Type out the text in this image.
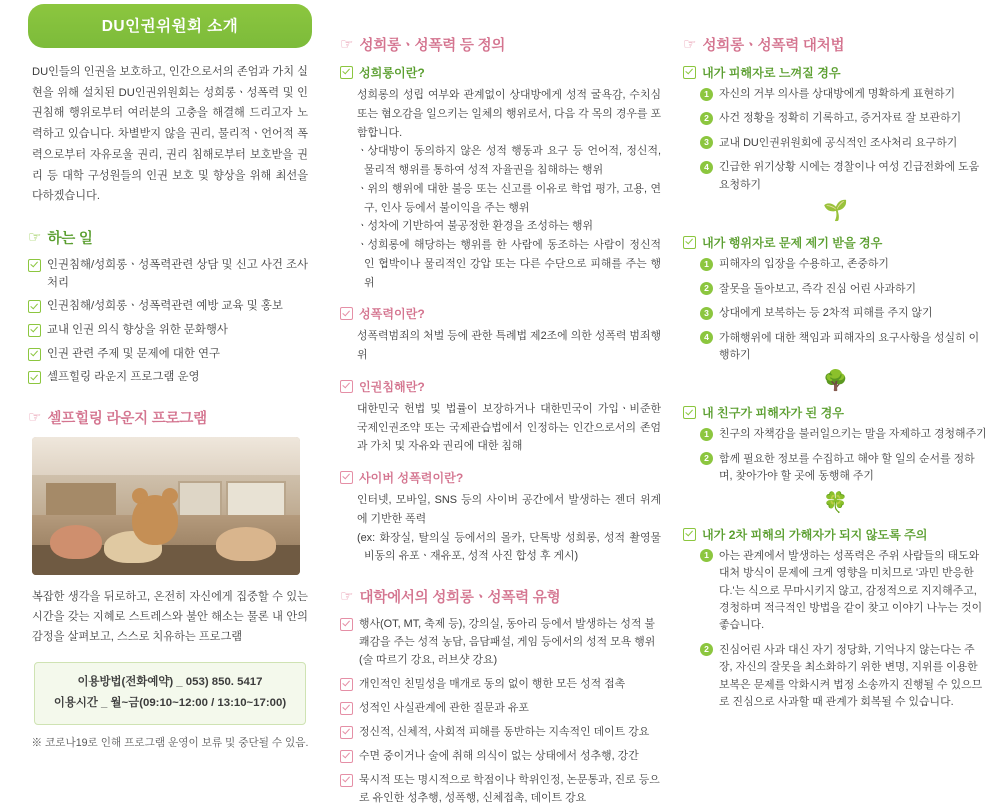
DU인권위원회 소개
DU인들의 인권을 보호하고, 인간으로서의 존엄과 가치 실현을 위해 설치된 DU인권위원회는 성희롱ㆍ성폭력 및 인권침해 행위로부터 여러분의 고충을 해결해 드리고자 노력하고 있습니다. 차별받지 않을 권리, 물리적ㆍ언어적 폭력으로부터 자유로울 권리, 권리 침해로부터 보호받을 권리 등 대학 구성원들의 인권 보호 및 향상을 위해 최선을 다하겠습니다.
☞ 하는 일
인권침해/성희롱ㆍ성폭력관련 상담 및 신고 사건 조사처리
인권침해/성희롱ㆍ성폭력관련 예방 교육 및 홍보
교내 인권 의식 향상을 위한 문화행사
인권 관련 주제 및 문제에 대한 연구
셀프힐링 라운지 프로그램 운영
☞ 셀프힐링 라운지 프로그램
복잡한 생각을 뒤로하고, 온전히 자신에게 집중할 수 있는 시간을 갖는 지혜로 스트레스와 불안 해소는 물론 내 안의 감정을 살펴보고, 스스로 치유하는 프로그램
이용방법(전화예약) _ 053) 850. 5417
이용시간 _ 월~금(09:10~12:00 / 13:10~17:00)
※ 코로나19로 인해 프로그램 운영이 보류 및 중단될 수 있음.
☞ 성희롱ㆍ성폭력 등 정의
성희롱이란?
성희롱의 성립 여부와 관계없이 상대방에게 성적 굴욕감, 수치심 또는 혐오감을 일으키는 일체의 행위로서, 다음 각 목의 경우를 포함합니다.
ㆍ상대방이 동의하지 않은 성적 행동과 요구 등 언어적, 정신적, 물리적 행위를 통하여 성적 자율권을 침해하는 행위
ㆍ위의 행위에 대한 불응 또는 신고를 이유로 학업 평가, 고용, 연구, 인사 등에서 불이익을 주는 행위
ㆍ성차에 기반하여 불공정한 환경을 조성하는 행위
ㆍ성희롱에 해당하는 행위를 한 사람에 동조하는 사람이 정신적인 협박이나 물리적인 강압 또는 다른 수단으로 피해를 주는 행위
성폭력이란?
성폭력범죄의 처벌 등에 관한 특례법 제2조에 의한 성폭력 범죄행위
인권침해란?
대한민국 헌법 및 법률이 보장하거나 대한민국이 가입ㆍ비준한 국제인권조약 또는 국제관습법에서 인정하는 인간으로서의 존엄과 가치 및 자유와 권리에 대한 침해
사이버 성폭력이란?
인터넷, 모바일, SNS 등의 사이버 공간에서 발생하는 젠더 위계에 기반한 폭력
(ex: 화장실, 탈의실 등에서의 몰카, 단톡방 성희롱, 성적 촬영물 비동의 유포ㆍ재유포, 성적 사진 합성 후 게시)
☞ 대학에서의 성희롱ㆍ성폭력 유형
행사(OT, MT, 축제 등), 강의실, 동아리 등에서 발생하는 성적 불쾌감을 주는 성적 농담, 음담패설, 게임 등에서의 성적 모욕 행위(술 따르기 강요, 러브샷 강요)
개인적인 친밀성을 매개로 동의 없이 행한 모든 성적 접촉
성적인 사실관계에 관한 질문과 유포
정신적, 신체적, 사회적 피해를 동반하는 지속적인 데이트 강요
수면 중이거나 술에 취해 의식이 없는 상태에서 성추행, 강간
묵시적 또는 명시적으로 학점이나 학위인정, 논문통과, 진로 등으로 유인한 성추행, 성폭행, 신체접촉, 데이트 강요
☞ 성희롱ㆍ성폭력 대처법
내가 피해자로 느껴질 경우
1 자신의 거부 의사를 상대방에게 명확하게 표현하기
2 사건 정황을 정확히 기록하고, 증거자료 잘 보관하기
3 교내 DU인권위원회에 공식적인 조사처리 요구하기
4 긴급한 위기상황 시에는 경찰이나 여성 긴급전화에 도움 요청하기
🌱
내가 행위자로 문제 제기 받을 경우
1 피해자의 입장을 수용하고, 존중하기
2 잘못을 돌아보고, 즉각 진심 어린 사과하기
3 상대에게 보복하는 등 2차적 피해를 주지 않기
4 가해행위에 대한 책임과 피해자의 요구사항을 성실히 이행하기
🌳
내 친구가 피해자가 된 경우
1 친구의 자책감을 불러일으키는 말을 자제하고 경청해주기
2 함께 필요한 정보를 수집하고 해야 할 일의 순서를 정하며, 찾아가야 할 곳에 동행해 주기
🍀
내가 2차 피해의 가해자가 되지 않도록 주의
1 아는 관계에서 발생하는 성폭력은 주위 사람들의 태도와 대처 방식이 문제에 크게 영향을 미치므로 '과민 반응한다.'는 식으로 무마시키지 않고, 감정적으로 지지해주고, 경청하며 적극적인 방법을 같이 찾고 이야기 나누는 것이 좋습니다.
2 진심어린 사과 대신 자기 정당화, 기억나지 않는다는 주장, 자신의 잘못을 최소화하기 위한 변명, 지위를 이용한 보복은 문제를 악화시켜 법정 소송까지 진행될 수 있으므로 진심으로 사과할 때 관계가 회복될 수 있습니다.
